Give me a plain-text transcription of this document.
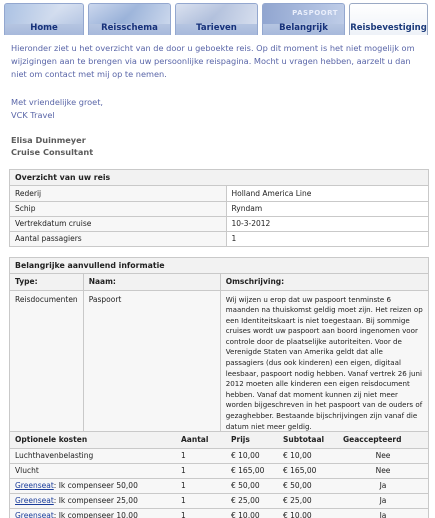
Home	Reisschema	Tarieven
PASPOORT
Belangrijk	Reisbevestiging
Hieronder ziet u het overzicht van de door u geboekte reis. Op dit moment is het niet mogelijk om wijzigingen aan te brengen via uw persoonlijke reispagina. Mocht u vragen hebben, aarzelt u dan niet om contact met mij op te nemen.
Met vriendelijke groet,
VCK Travel
Elisa Duinmeyer
Cruise Consultant
Overzicht van uw reis
Rederij	Holland America Line
Schip	Ryndam
Vertrekdatum cruise	10-3-2012
Aantal passagiers	1
Belangrijke aanvullend informatie
Type:	Naam:	Omschrijving:
Reisdocumenten	Paspoort	Wij wijzen u erop dat uw paspoort tenminste 6 maanden na thuiskomst geldig moet zijn. Het reizen op een Identiteitskaart is niet toegestaan. Bij sommige cruises wordt uw paspoort aan boord ingenomen voor controle door de plaatselijke autoriteiten. Voor de Verenigde Staten van Amerika geldt dat alle passagiers (dus ook kinderen) een eigen, digitaal leesbaar, paspoort nodig hebben. Vanaf vertrek 26 juni 2012 moeten alle kinderen een eigen reisdocument hebben. Vanaf dat moment kunnen zij niet meer worden bijgeschreven in het paspoort van de ouders of gezaghebber. Bestaande bijschrijvingen zijn vanaf die datum niet meer geldig.
Optionele kosten	Aantal	Prijs	Subtotaal	Geaccepteerd
Luchthavenbelasting	1	€ 10,00	€ 10,00	Nee
Vlucht	1	€ 165,00	€ 165,00	Nee
Greenseat: Ik compenseer 50,00	1	€ 50,00	€ 50,00	Ja
Greenseat: Ik compenseer 25,00	1	€ 25,00	€ 25,00	Ja
Greenseat: Ik compenseer 10,00	1	€ 10,00	€ 10,00	Ja
